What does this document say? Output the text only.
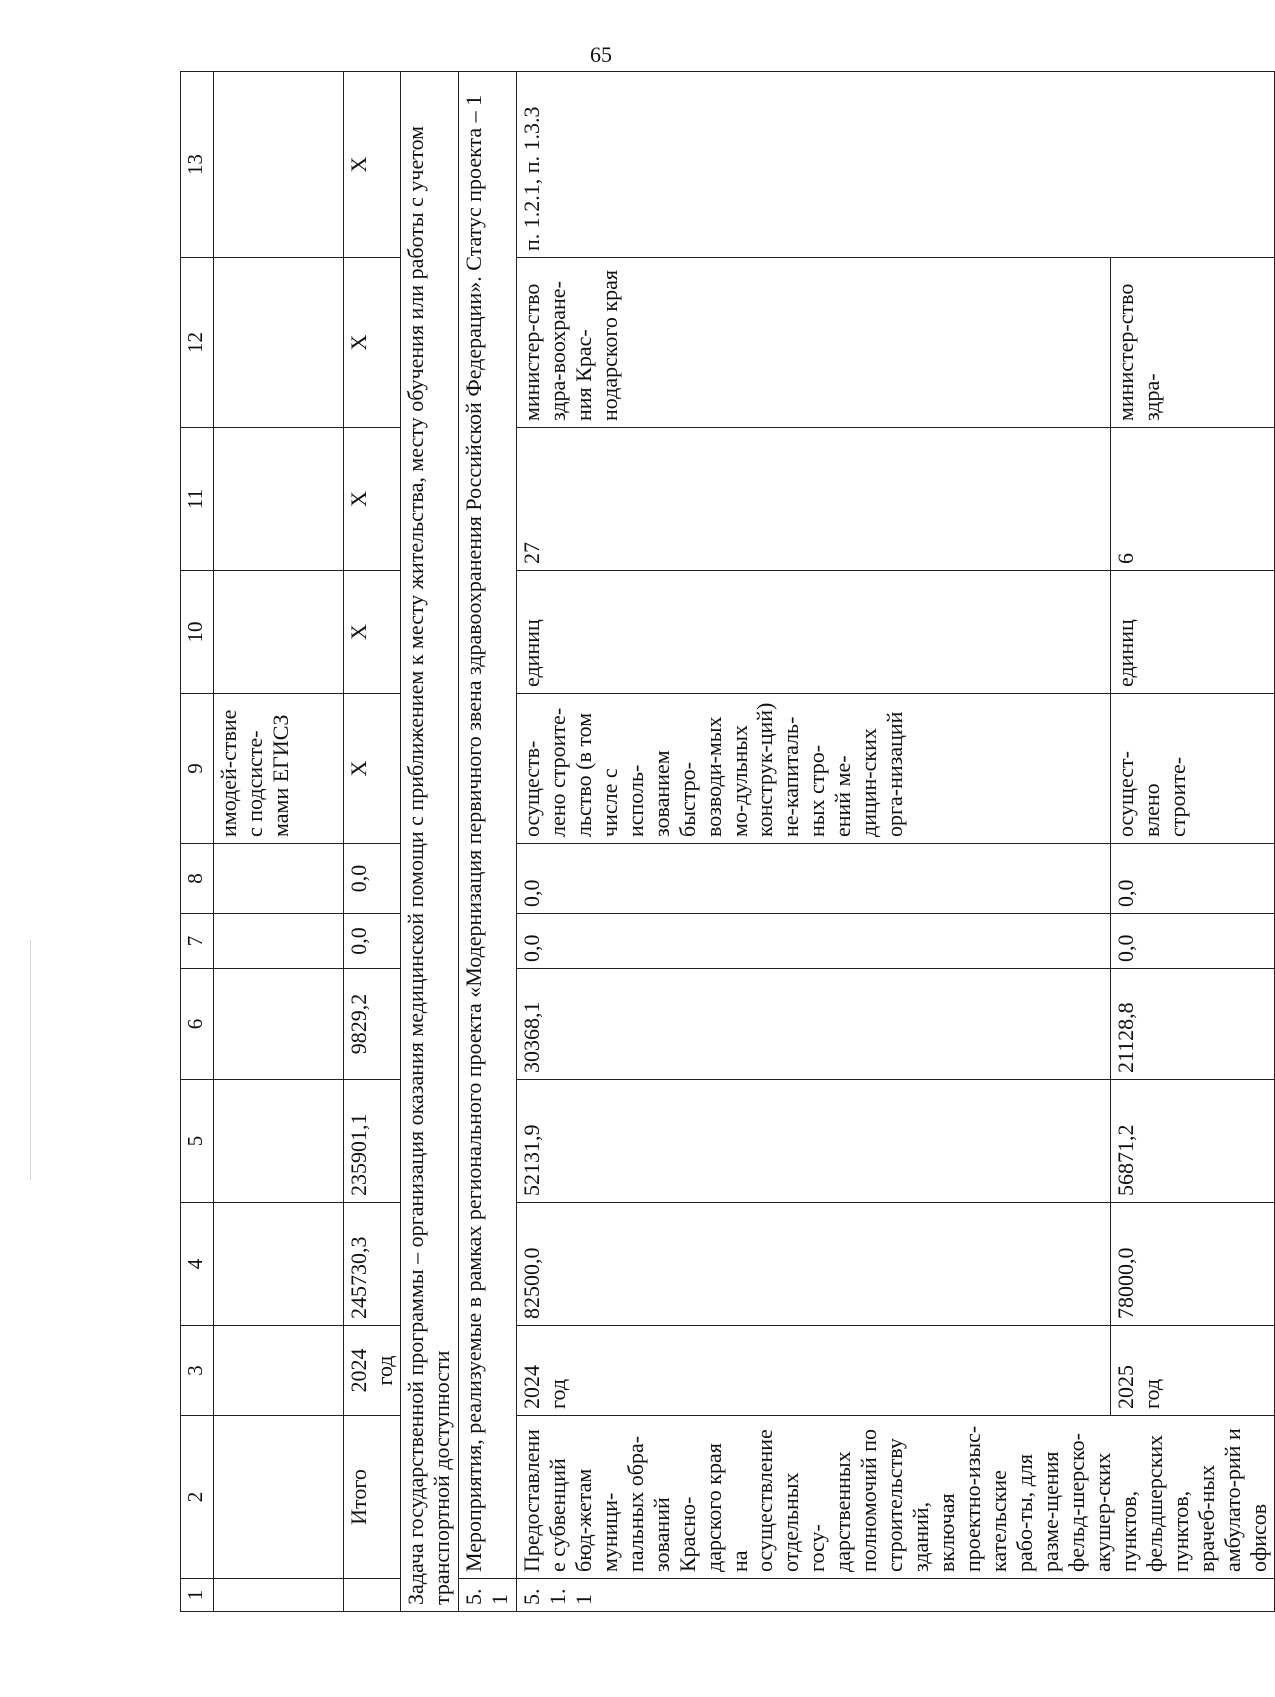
65
1	2	3	4	5	6	7	8	9	10	11	12	13
								имодей-ствие с подсисте-мами ЕГИСЗ				
	Итого	2024 год	245730,3	235901,1	9829,2	0,0	0,0	X	X	X	X	X
Задача государственной программы – организация оказания медицинской помощи с приближением к месту жительства, месту обучения или работы с учетом транспортной доступности												
5.1	Мероприятия, реализуемые в рамках регионального проекта «Модернизация первичного звена здравоохранения Российской Федерации». Статус проекта – 1											
5.1.1	Предоставление субвенций бюд-жетам муници-пальных обра-зований Красно-дарского края на осуществление отдельных госу-дарственных полномочий по строительству зданий, включая проектно-изыс-кательские рабо-ты, для разме-щения фельд-шерско-акушер-ских пунктов, фельдшерских пунктов, врачеб-ных амбулато-рий и офисов	2024 год	82500,0	52131,9	30368,1	0,0	0,0	осуществ-лено строите-льство (в том числе с исполь-зованием быстро-возводи-мых мо-дульных конструк-ций) не-капиталь-ных стро-ений ме-дицин-ских орга-низаций	единиц	27	министер-ство здра-воохране-ния Крас-нодарского края	п. 1.2.1, п. 1.3.3
		2025 год	78000,0	56871,2	21128,8	0,0	0,0	осущест-влено строите-	единиц	6	министер-ство здра-	
